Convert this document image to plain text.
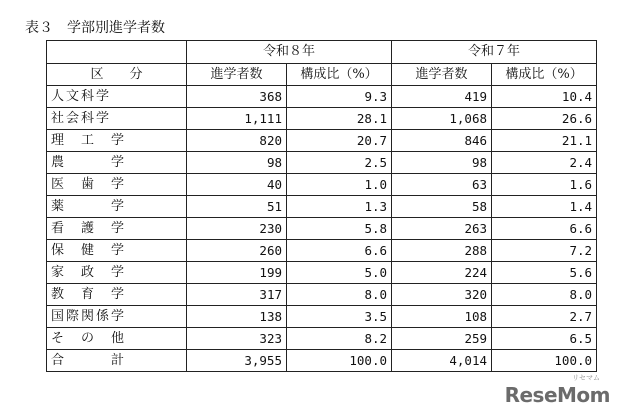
表３　学部別進学者数
	令和８年		令和７年	
区　　分	進学者数	構成比（%）	進学者数	構成比（%）
人文科学	368	9.3	419	10.4
社会科学	1,111	28.1	1,068	26.6
理　工　学	820	20.7	846	21.1
農　　　学	98	2.5	98	2.4
医　歯　学	40	1.0	63	1.6
薬　　　学	51	1.3	58	1.4
看　護　学	230	5.8	263	6.6
保　健　学	260	6.6	288	7.2
家　政　学	199	5.0	224	5.6
教　育　学	317	8.0	320	8.0
国際関係学	138	3.5	108	2.7
そ　の　他	323	8.2	259	6.5
合　　　計	3,955	100.0	4,014	100.0
リセマム
ReseMom
